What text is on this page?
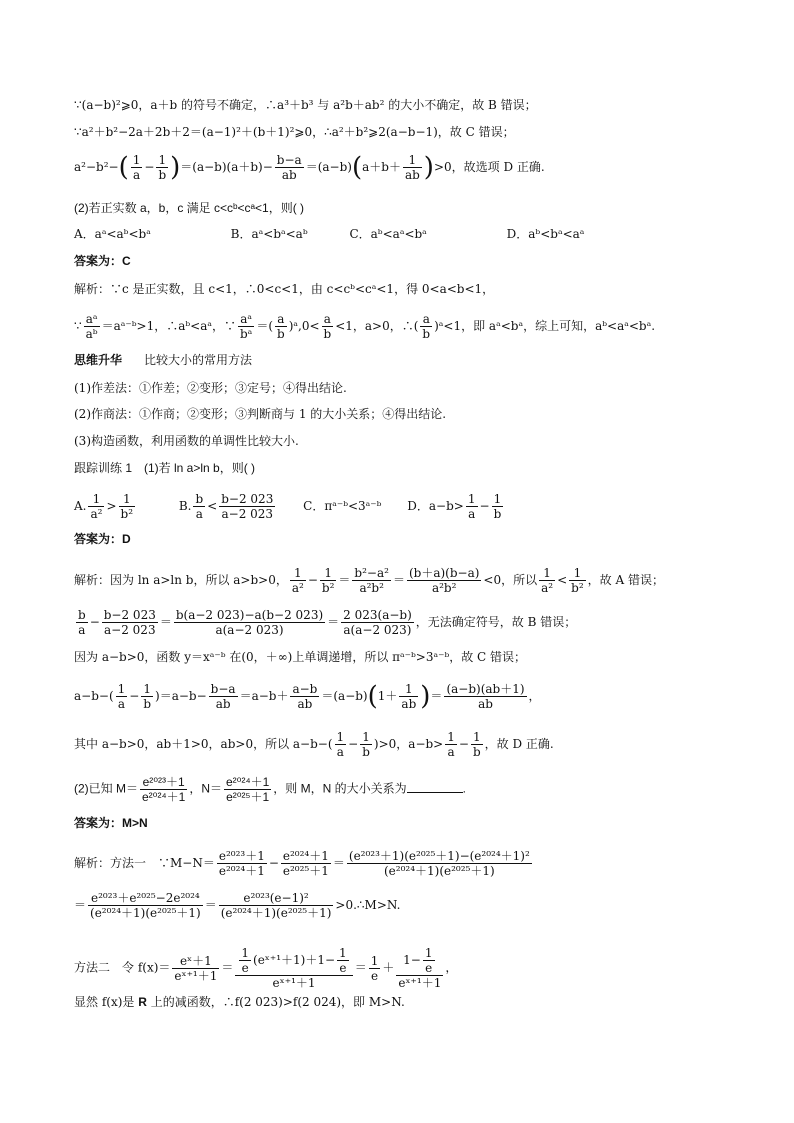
∵(a−b)²⩾0，a＋b 的符号不确定，∴a³＋b³ 与 a²b＋ab² 的大小不确定，故 B 错误；
∵a²＋b²−2a＋2b＋2＝(a−1)²＋(b＋1)²⩾0，∴a²＋b²⩾2(a−b−1)，故 C 错误；
$a^2-b^2-( \frac{1}{a} - \frac{1}{b} )=(a-b)(a+b)- \frac{b-a}{ab} =(a-b)(a+b+ \frac{1}{ab} )>0$，故选项 D 正确.
(2)若正实数 a，b，c 满足 c<cᵇ<cᵃ<1，则( )
A．aᵃ<aᵇ<bᵃ	B．aᵃ<bᵃ<aᵇ	C．aᵇ<aᵃ<bᵃ	D．aᵇ<bᵃ<aᵃ
答案为：C
解析：∵c 是正实数，且 c<1，∴0<c<1，由 c<cᵇ<cᵃ<1，得 0<a<b<1，
∵ $\frac{\text{aᵃ}}{\text{aᵇ}}$ ＝aᵃ⁻ᵇ>1，∴aᵇ<aᵃ，∵ $\frac{\text{aᵃ}}{\text{bᵃ}}$ ＝( $\frac{a}{b}$ )ᵃ,0< $\frac{a}{b} <1$，a>0，∴( $\frac{a}{b}$ )ᵃ<1，即 aᵃ<bᵃ，综上可知，aᵇ<aᵃ<bᵃ.
思维升华 比较大小的常用方法
(1)作差法：①作差；②变形；③定号；④得出结论.
(2)作商法：①作商；②变形；③判断商与 1 的大小关系；④得出结论.
(3)构造函数，利用函数的单调性比较大小.
跟踪训练 1　(1)若 ln a>ln b，则( )
A. $\frac{1}{\text{a²}} > \frac{1}{\text{b²}}$	B. $\frac{b}{a} < \frac{b-2 023}{a-2 023}$ C．πᵃ⁻ᵇ<3ᵃ⁻ᵇ D．$a-b> \frac{1}{a} - \frac{1}{b}$
答案为：D
解析：因为 ln a>ln b，所以 a>b>0， $\frac{1}{\text{a²}} - \frac{1}{\text{b²}} = \frac{\text{b²−a²}}{\text{a²b²}} = \frac{(b+a)(b-a)}{\text{a²b²}} <0$，所以 $\frac{1}{\text{a²}} < \frac{1}{\text{b²}}$ ，故 A 错误；
$\frac{b}{a} - \frac{b-2 023}{a-2 023} = \frac{b(a-2 023)-a(b-2 023)}{a(a-2 023)} = \frac{2 023(a-b)}{a(a-2 023)}$ ，无法确定符号，故 B 错误；
因为 a−b>0，函数 y＝xᵃ⁻ᵇ 在(0，＋∞)上单调递增，所以 πᵃ⁻ᵇ>3ᵃ⁻ᵇ，故 C 错误；
$a-b-( \frac{1}{a} - \frac{1}{b} )=a-b- \frac{b-a}{ab} =a-b+ \frac{a-b}{ab} =(a-b)(1+ \frac{1}{ab}$ )＝ $\frac{(a-b)(ab+1)}{ab}$ ，
其中 a−b>0，ab＋1>0，ab>0，所以 $a-b-( \frac{1}{a} - \frac{1}{b} )>0$，$a-b> \frac{1}{a} - \frac{1}{b}$ ，故 D 正确.
(2)已知 $M= \frac{\text{e²⁰²³＋1}}{\text{e²⁰²⁴＋1}}$ ，$N= \frac{\text{e²⁰²⁴＋1}}{\text{e²⁰²⁵＋1}}$ ，则 M，N 的大小关系为	.
答案为：M>N
解析：方法一　∵M−N＝ $\frac{\text{e²⁰²³＋1}}{\text{e²⁰²⁴＋1}} - \frac{\text{e²⁰²⁴＋1}}{\text{e²⁰²⁵＋1}} = \frac{\text{(e²⁰²³＋1)(e²⁰²⁵＋1)−(e²⁰²⁴＋1)²}}{\text{(e²⁰²⁴＋1)(e²⁰²⁵＋1)}}$
＝ $\frac{\text{e²⁰²³＋e²⁰²⁵−2e²⁰²⁴}}{\text{(e²⁰²⁴＋1)(e²⁰²⁵＋1)}} = \frac{\text{e²⁰²³(e−1)²}}{\text{(e²⁰²⁴＋1)(e²⁰²⁵＋1)}}$ >0.∴M>N.
方法二　令 $f(x)= \frac{\text{eˣ＋1}}{\text{eˣ⁺¹＋1}} = \frac{\frac{1}{e} (eˣ^{+1}+1)+1- \frac{1}{e}}{\text{eˣ⁺¹＋1}} = \frac{1}{e} + \frac{1- \frac{1}{e}}{\text{eˣ⁺¹＋1}}$ ，
显然 f(x)是 R 上的减函数，∴f(2 023)>f(2 024)，即 M>N.
